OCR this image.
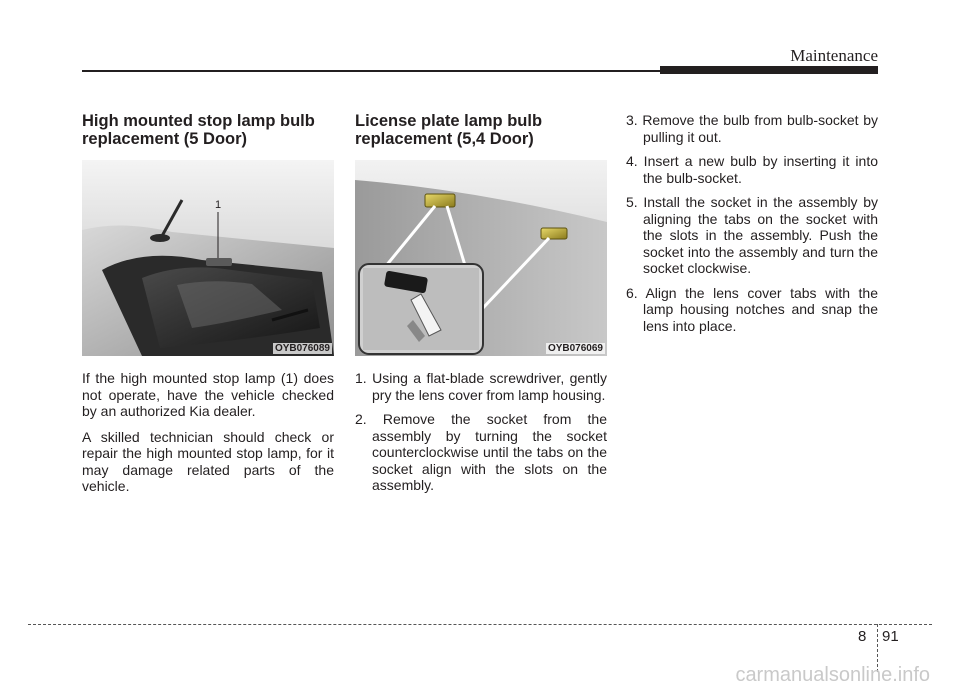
Maintenance
High mounted stop lamp bulb
replacement (5 Door)
1
OYB076089

If the high mounted stop lamp (1) does not operate, have the vehicle checked by an authorized Kia dealer.

A skilled technician should check or repair the high mounted stop lamp, for it may damage related parts of the vehicle.

License plate lamp bulb
replacement (5,4 Door)
OYB076069
1. Using a flat-blade screwdriver, gently pry the lens cover from lamp housing.
2. Remove the socket from the assembly by turning the socket counterclockwise until the tabs on the socket align with the slots on the assembly.
3. Remove the bulb from bulb-socket by pulling it out.
4. Insert a new bulb by inserting it into the bulb-socket.
5. Install the socket in the assembly by aligning the tabs on the socket with the slots in the assembly. Push the socket into the assembly and turn the socket clockwise.
6. Align the lens cover tabs with the lamp housing notches and snap the lens into place.
8 91
carmanualsonline.info
